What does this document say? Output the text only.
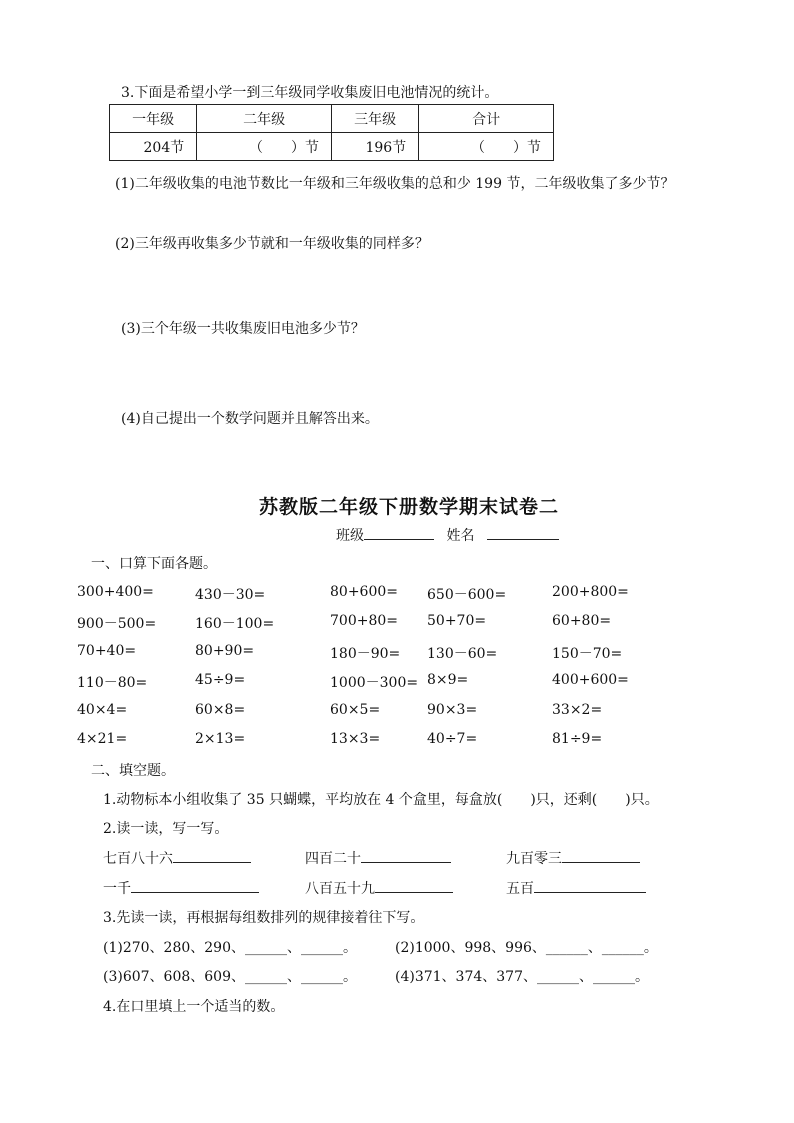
3.下面是希望小学一到三年级同学收集废旧电池情况的统计。
一年级	二年级	三年级	合计
204节	（　　）节	196节	（　　）节
(1)二年级收集的电池节数比一年级和三年级收集的总和少 199 节，二年级收集了多少节？
(2)三年级再收集多少节就和一年级收集的同样多？
(3)三个年级一共收集废旧电池多少节？
(4)自己提出一个数学问题并且解答出来。
苏教版二年级下册数学期末试卷二
班级	姓名
一、口算下面各题。
300+400=	430－30=	80+600= 650－600=	200+800=
900－500=	160－100=	700+80= 50+70=	60+80=
70+40=	80+90=	180－90= 130－60=	150－70=
110－80=	45÷9=	1000－300= 8×9=	400+600=
40×4=	60×8=	60×5=	90×3=	33×2=
4×21=	2×13=	13×3=	40÷7=	81÷9=
二、填空题。
1.动物标本小组收集了 35 只蝴蝶，平均放在 4 个盒里，每盒放(　　)只，还剩(　　)只。
2.读一读，写一写。
七百八十六	四百二十	九百零三
一千	八百五十九	五百
3.先读一读，再根据每组数排列的规律接着往下写。
(1)270、280、290、______、______。	(2)1000、998、996、______、______。
(3)607、608、609、______、______。	(4)371、374、377、______、______。
4.在口里填上一个适当的数。
